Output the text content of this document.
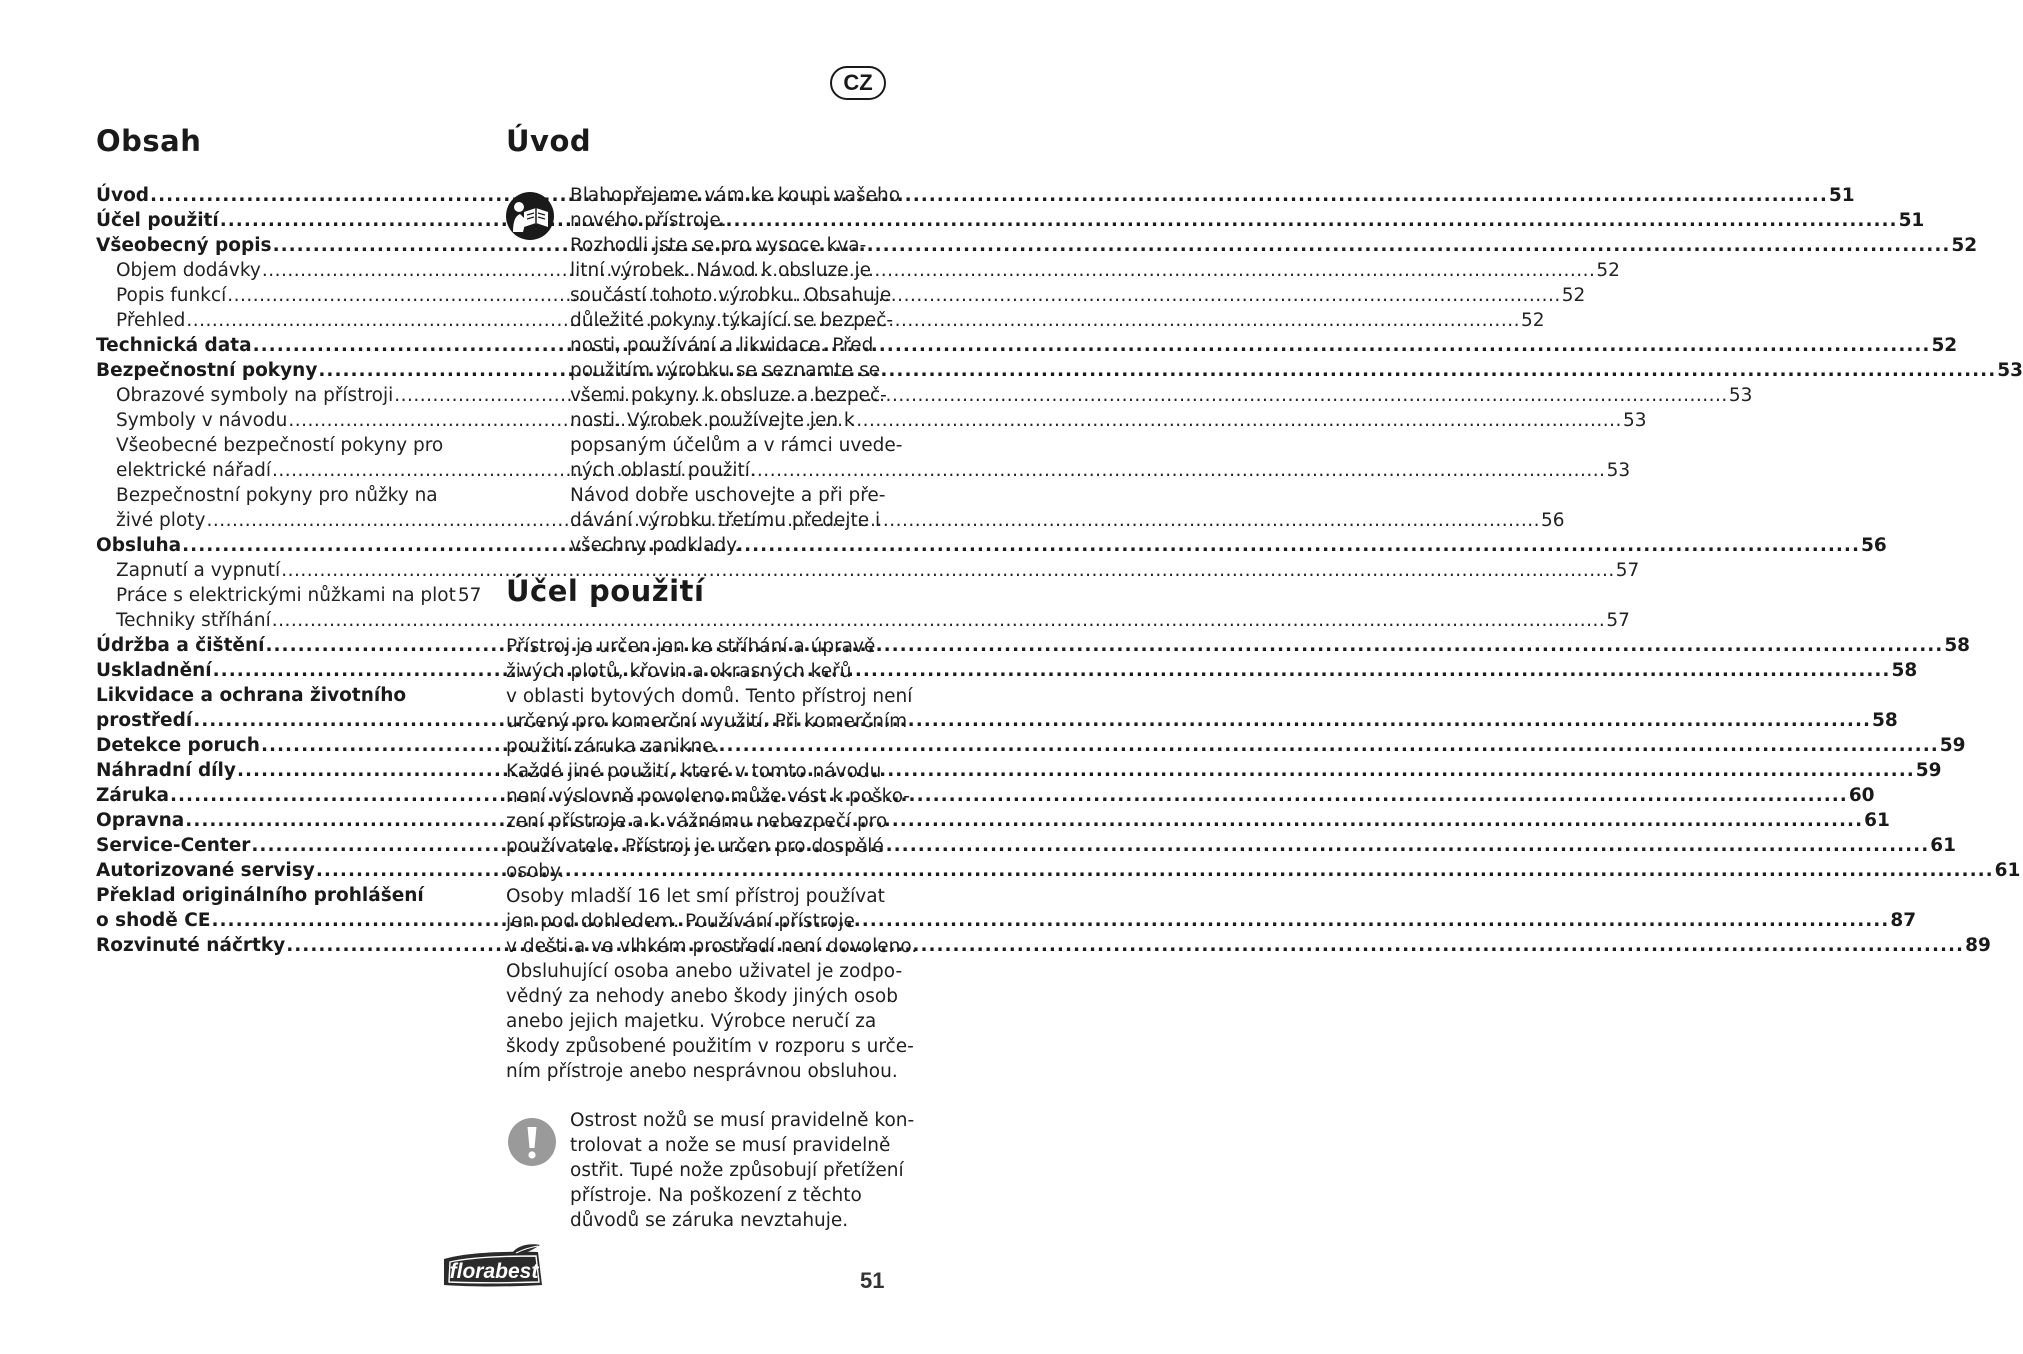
CZ
Obsah
Úvod .....	51
Účel použití .....	51
Všeobecný popis .....	52
Objem dodávky .....	52
Popis funkcí .....	52
Přehled .....	52
Technická data .....	52
Bezpečnostní pokyny .....	53
Obrazové symboly na přístroji .....	53
Symboly v návodu .....	53
Všeobecné bezpečností pokyny pro
elektrické nářadí .....	53
Bezpečnostní pokyny pro nůžky na
živé ploty .....	56
Obsluha .....	56
Zapnutí a vypnutí .....	57
Práce s elektrickými nůžkami na plot 57
Techniky stříhání .....	57
Údržba a čištění .....	58
Uskladnění .....	58
Likvidace a ochrana životního
prostředí .....	58
Detekce poruch .....	59
Náhradní díly .....	59
Záruka .....	60
Opravna .....	61
Service-Center .....	61
Autorizované servisy .....	61
Překlad originálního prohlášení
o shodě CE .....	87
Rozvinuté náčrtky .....	89
Úvod
Blahopřejeme vám ke koupi vašeho
nového přístroje.
Rozhodli jste se pro vysoce kva-
litní výrobek. Návod k obsluze je
součástí tohoto výrobku. Obsahuje
důležité pokyny týkající se bezpeč-
nosti, používání a likvidace. Před
použitím výrobku se seznamte se
všemi pokyny k obsluze a bezpeč-
nosti. Výrobek používejte jen k
popsaným účelům a v rámci uvede-
ných oblastí použití.
Návod dobře uschovejte a při pře-
dávání výrobku třetímu předejte i
všechny podklady.
Účel použití
Přístroj je určen jen ke stříhání a úpravě
živých plotů, křovin a okrasných keřů
v oblasti bytových domů. Tento přístroj není
určený pro komerční využití. Při komerčním
použití záruka zanikne.
Každé jiné použití, které v tomto návodu
není výslovně povoleno může vést k poško-
zení přístroje a k vážnému nebezpečí pro
používatele. Přístroj je určen pro dospělé
osoby.
Osoby mladší 16 let smí přístroj používat
jen pod dohledem. Používání přístroje
v dešti a ve vlhkém prostředí není dovoleno.
Obsluhující osoba anebo uživatel je zodpo-
vědný za nehody anebo škody jiných osob
anebo jejich majetku. Výrobce neručí za
škody způsobené použitím v rozporu s urče-
ním přístroje anebo nesprávnou obsluhou.
Ostrost nožů se musí pravidelně kon-
trolovat a nože se musí pravidelně
ostřit. Tupé nože způsobují přetížení
přístroje. Na poškození z těchto
důvodů se záruka nevztahuje.
florabest	51
